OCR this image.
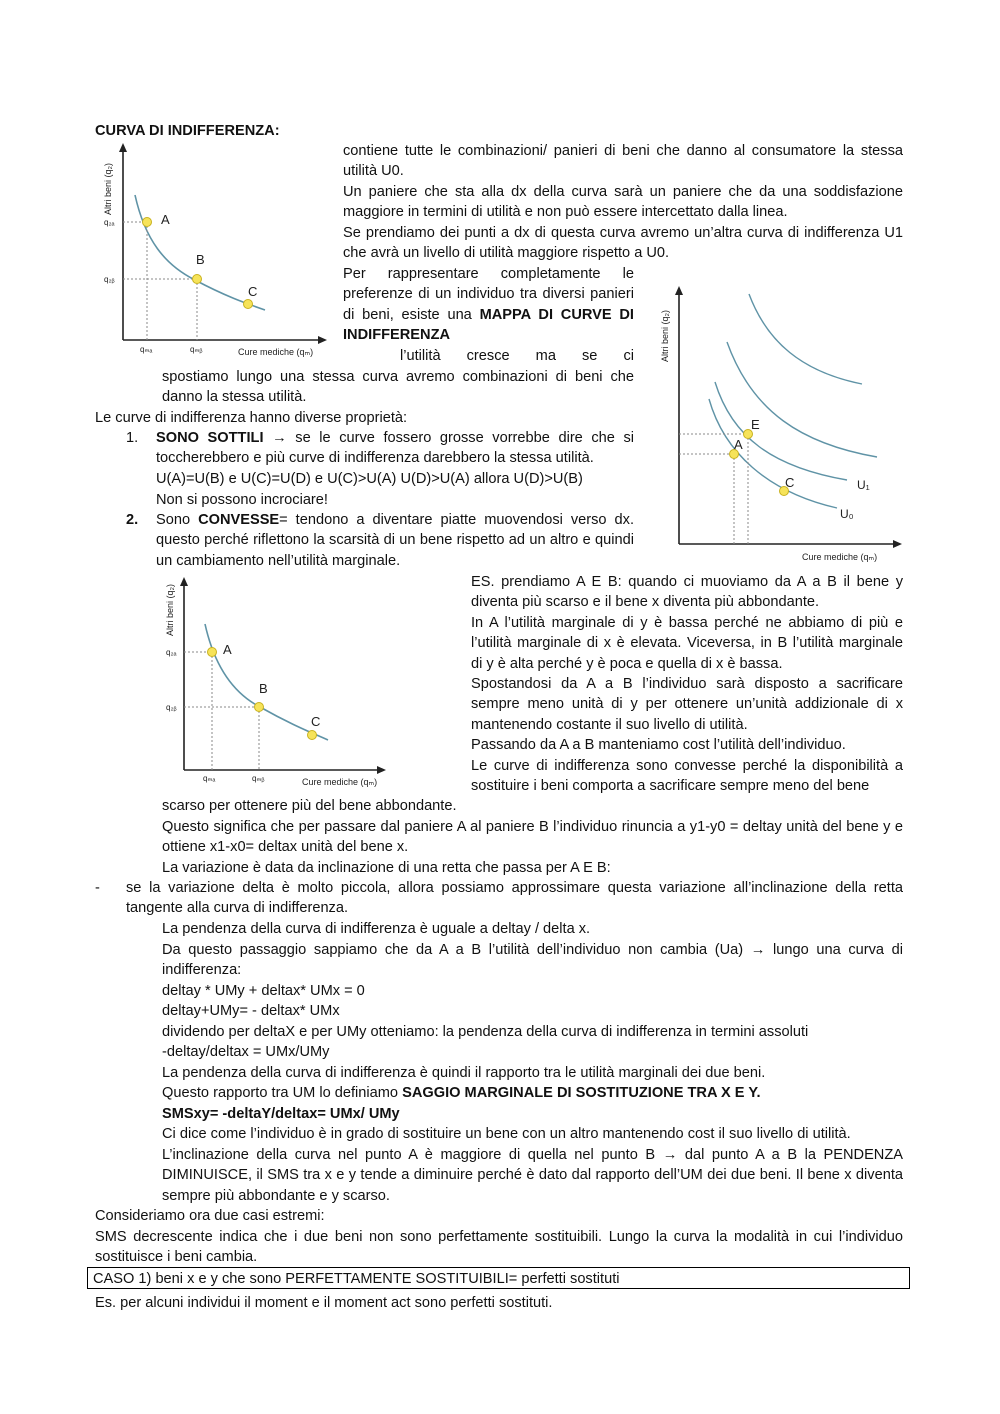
CURVA DI INDIFFERENZA:
A
B
C
q₂ₐ
q₂ᵦ
qₘₐ	qₘᵦ	Cure mediche (qₘ)
Altri beni (q₂)
contiene tutte le combinazioni/ panieri di beni che danno al consumatore la stessa utilità U0.
Un paniere che sta alla dx della curva sarà un paniere che da una soddisfazione maggiore in termini di utilità e non può essere intercettato dalla linea.
Se prendiamo dei punti a dx di questa curva avremo un’altra curva di indifferenza U1 che avrà un livello di utilità maggiore rispetto a U0.
Per rappresentare completamente le preferenze di un individuo tra diversi panieri di beni, esiste una MAPPA DI CURVE DI INDIFFERENZA
E
A
C	U₁
U₀
Cure mediche (qₘ)
Altri beni (q₂)
l’utilità cresce ma se ci
spostiamo lungo una stessa curva avremo combinazioni di beni che danno la stessa utilità.
Le curve di indifferenza hanno diverse proprietà:
1. SONO SOTTILI → se le curve fossero grosse vorrebbe dire che si toccherebbero e più curve di indifferenza darebbero la stessa utilità.
U(A)=U(B) e U(C)=U(D) e U(C)>U(A) U(D)>U(A) allora U(D)>U(B)
Non si possono incrociare!
2. Sono CONVESSE= tendono a diventare piatte muovendosi verso dx. questo perché riflettono la scarsità di un bene rispetto ad un altro e quindi un cambiamento nell’utilità marginale.
A
B
C
q₂ₐ
q₂ᵦ
qₘₐ	qₘᵦ	Cure mediche (qₘ)
Altri beni (q₂)
ES. prendiamo A E B: quando ci muoviamo da A a B il bene y diventa più scarso e il bene x diventa più abbondante.
In A l’utilità marginale di y è bassa perché ne abbiamo di più e l’utilità marginale di x è elevata. Viceversa, in B l’utilità marginale di y è alta perché y è poca e quella di x è bassa.
Spostandosi da A a B l’individuo sarà disposto a sacrificare sempre meno unità di y per ottenere un’unità addizionale di x mantenendo costante il suo livello di utilità.
Passando da A a B manteniamo cost l’utilità dell’individuo.
Le curve di indifferenza sono convesse perché la disponibilità a sostituire i beni comporta a sacrificare sempre meno del bene
scarso per ottenere più del bene abbondante.
Questo significa che per passare dal paniere A al paniere B l’individuo rinuncia a y1-y0 = deltay unità del bene y e ottiene x1-x0= deltax unità del bene x.
La variazione è data da inclinazione di una retta che passa per A E B:
- se la variazione delta è molto piccola, allora possiamo approssimare questa variazione all’inclinazione della retta tangente alla curva di indifferenza.
La pendenza della curva di indifferenza è uguale a deltay / delta x.
Da questo passaggio sappiamo che da A a B l’utilità dell’individuo non cambia (Ua) → lungo una curva di indifferenza:
deltay * UMy + deltax* UMx = 0
deltay+UMy= - deltax* UMx
dividendo per deltaX e per UMy otteniamo: la pendenza della curva di indifferenza in termini assoluti
-deltay/deltax = UMx/UMy
La pendenza della curva di indifferenza è quindi il rapporto tra le utilità marginali dei due beni.
Questo rapporto tra UM lo definiamo SAGGIO MARGINALE DI SOSTITUZIONE TRA X E Y.
SMSxy= -deltaY/deltax= UMx/ UMy
Ci dice come l’individuo è in grado di sostituire un bene con un altro mantenendo cost il suo livello di utilità.
L’inclinazione della curva nel punto A è maggiore di quella nel punto B → dal punto A a B la PENDENZA DIMINUISCE, il SMS tra x e y tende a diminuire perché è dato dal rapporto dell’UM dei due beni. Il bene x diventa sempre più abbondante e y scarso.
Consideriamo ora due casi estremi:
SMS decrescente indica che i due beni non sono perfettamente sostituibili. Lungo la curva la modalità in cui l’individuo sostituisce i beni cambia.
CASO 1) beni x e y che sono PERFETTAMENTE SOSTITUIBILI= perfetti sostituti
Es. per alcuni individui il moment e il moment act sono perfetti sostituti.
